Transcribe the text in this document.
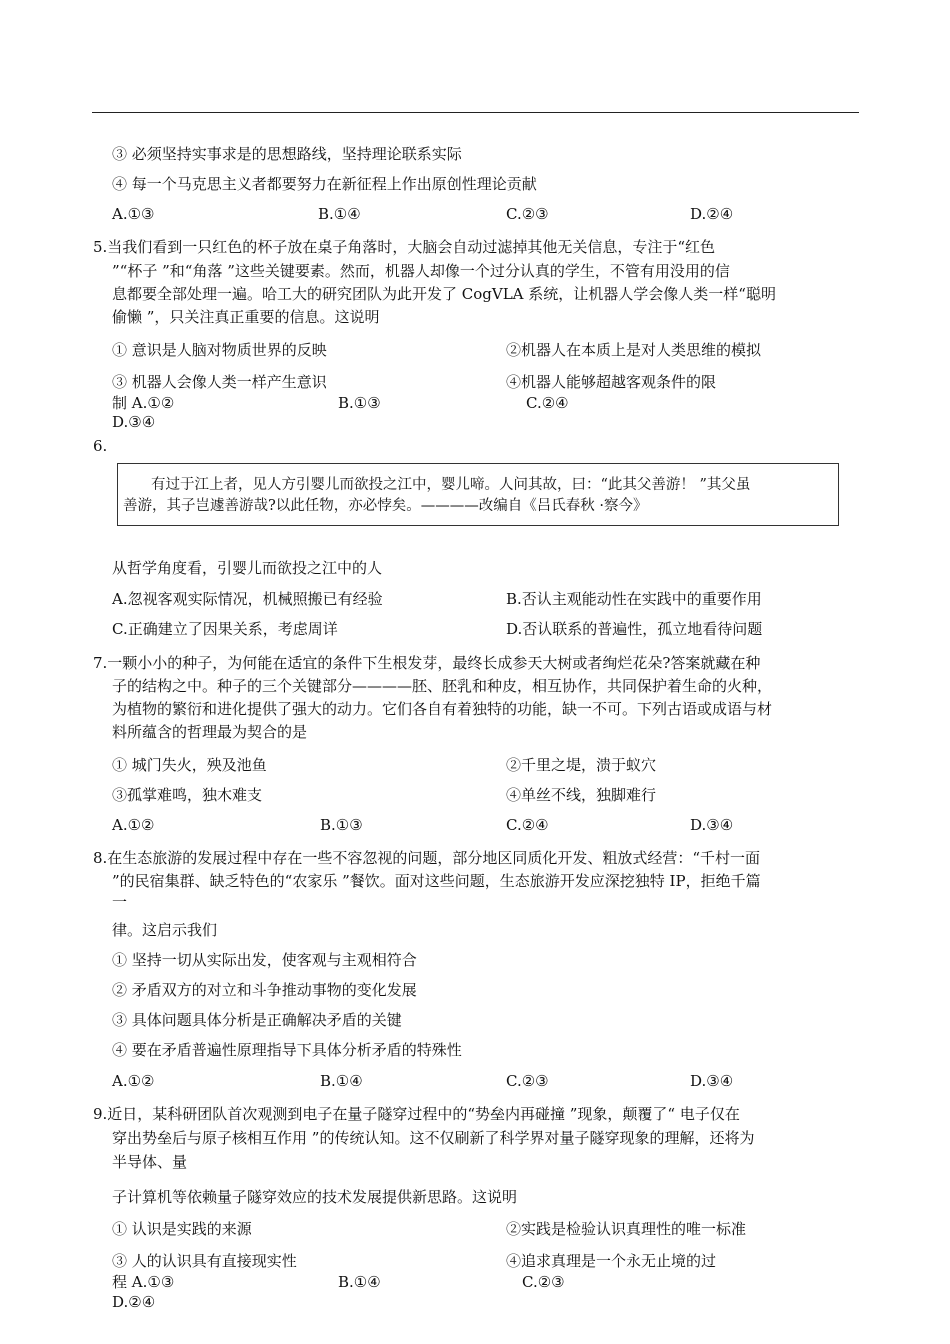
③ 必须坚持实事求是的思想路线，坚持理论联系实际
④ 每一个马克思主义者都要努力在新征程上作出原创性理论贡献
A.①③	B.①④	C.②③	D.②④
5.当我们看到一只红色的杯子放在桌子角落时，大脑会自动过滤掉其他无关信息，专注于“红色
”“杯子 ”和“角落 ”这些关键要素。然而，机器人却像一个过分认真的学生，不管有用没用的信
息都要全部处理一遍。哈工大的研究团队为此开发了 CogVLA 系统，让机器人学会像人类一样“聪明
偷懒 ”，只关注真正重要的信息。这说明
① 意识是人脑对物质世界的反映	②机器人在本质上是对人类思维的模拟
③ 机器人会像人类一样产生意识	④机器人能够超越客观条件的限
制 A.①②	B.①③	C.②④
D.③④
6.
有过于江上者，见人方引婴儿而欲投之江中，婴儿啼。人问其故，曰：“此其父善游！ ”其父虽
善游，其子岂遽善游哉?以此任物，亦必悖矣。————改编自《吕氏春秋 ·察今》
从哲学角度看，引婴儿而欲投之江中的人
A.忽视客观实际情况，机械照搬已有经验	B.否认主观能动性在实践中的重要作用
C.正确建立了因果关系，考虑周详	D.否认联系的普遍性，孤立地看待问题
7.一颗小小的种子，为何能在适宜的条件下生根发芽，最终长成参天大树或者绚烂花朵?答案就藏在种
子的结构之中。种子的三个关键部分————胚、胚乳和种皮，相互协作，共同保护着生命的火种，
为植物的繁衍和进化提供了强大的动力。它们各自有着独特的功能，缺一不可。下列古语或成语与材
料所蕴含的哲理最为契合的是
① 城门失火，殃及池鱼	②千里之堤，溃于蚁穴
③孤掌难鸣，独木难支	④单丝不线，独脚难行
A.①②	B.①③	C.②④	D.③④
8.在生态旅游的发展过程中存在一些不容忽视的问题，部分地区同质化开发、粗放式经营：“千村一面
”的民宿集群、缺乏特色的“农家乐 ”餐饮。面对这些问题，生态旅游开发应深挖独特 IP，拒绝千篇
一
律。这启示我们
① 坚持一切从实际出发，使客观与主观相符合
② 矛盾双方的对立和斗争推动事物的变化发展
③ 具体问题具体分析是正确解决矛盾的关键
④ 要在矛盾普遍性原理指导下具体分析矛盾的特殊性
A.①②	B.①④	C.②③	D.③④
9.近日，某科研团队首次观测到电子在量子隧穿过程中的“势垒内再碰撞 ”现象，颠覆了“ 电子仅在
穿出势垒后与原子核相互作用 ”的传统认知。这不仅刷新了科学界对量子隧穿现象的理解，还将为
半导体、量
子计算机等依赖量子隧穿效应的技术发展提供新思路。这说明
① 认识是实践的来源	②实践是检验认识真理性的唯一标准
③ 人的认识具有直接现实性	④追求真理是一个永无止境的过
程 A.①③	B.①④	C.②③
D.②④
